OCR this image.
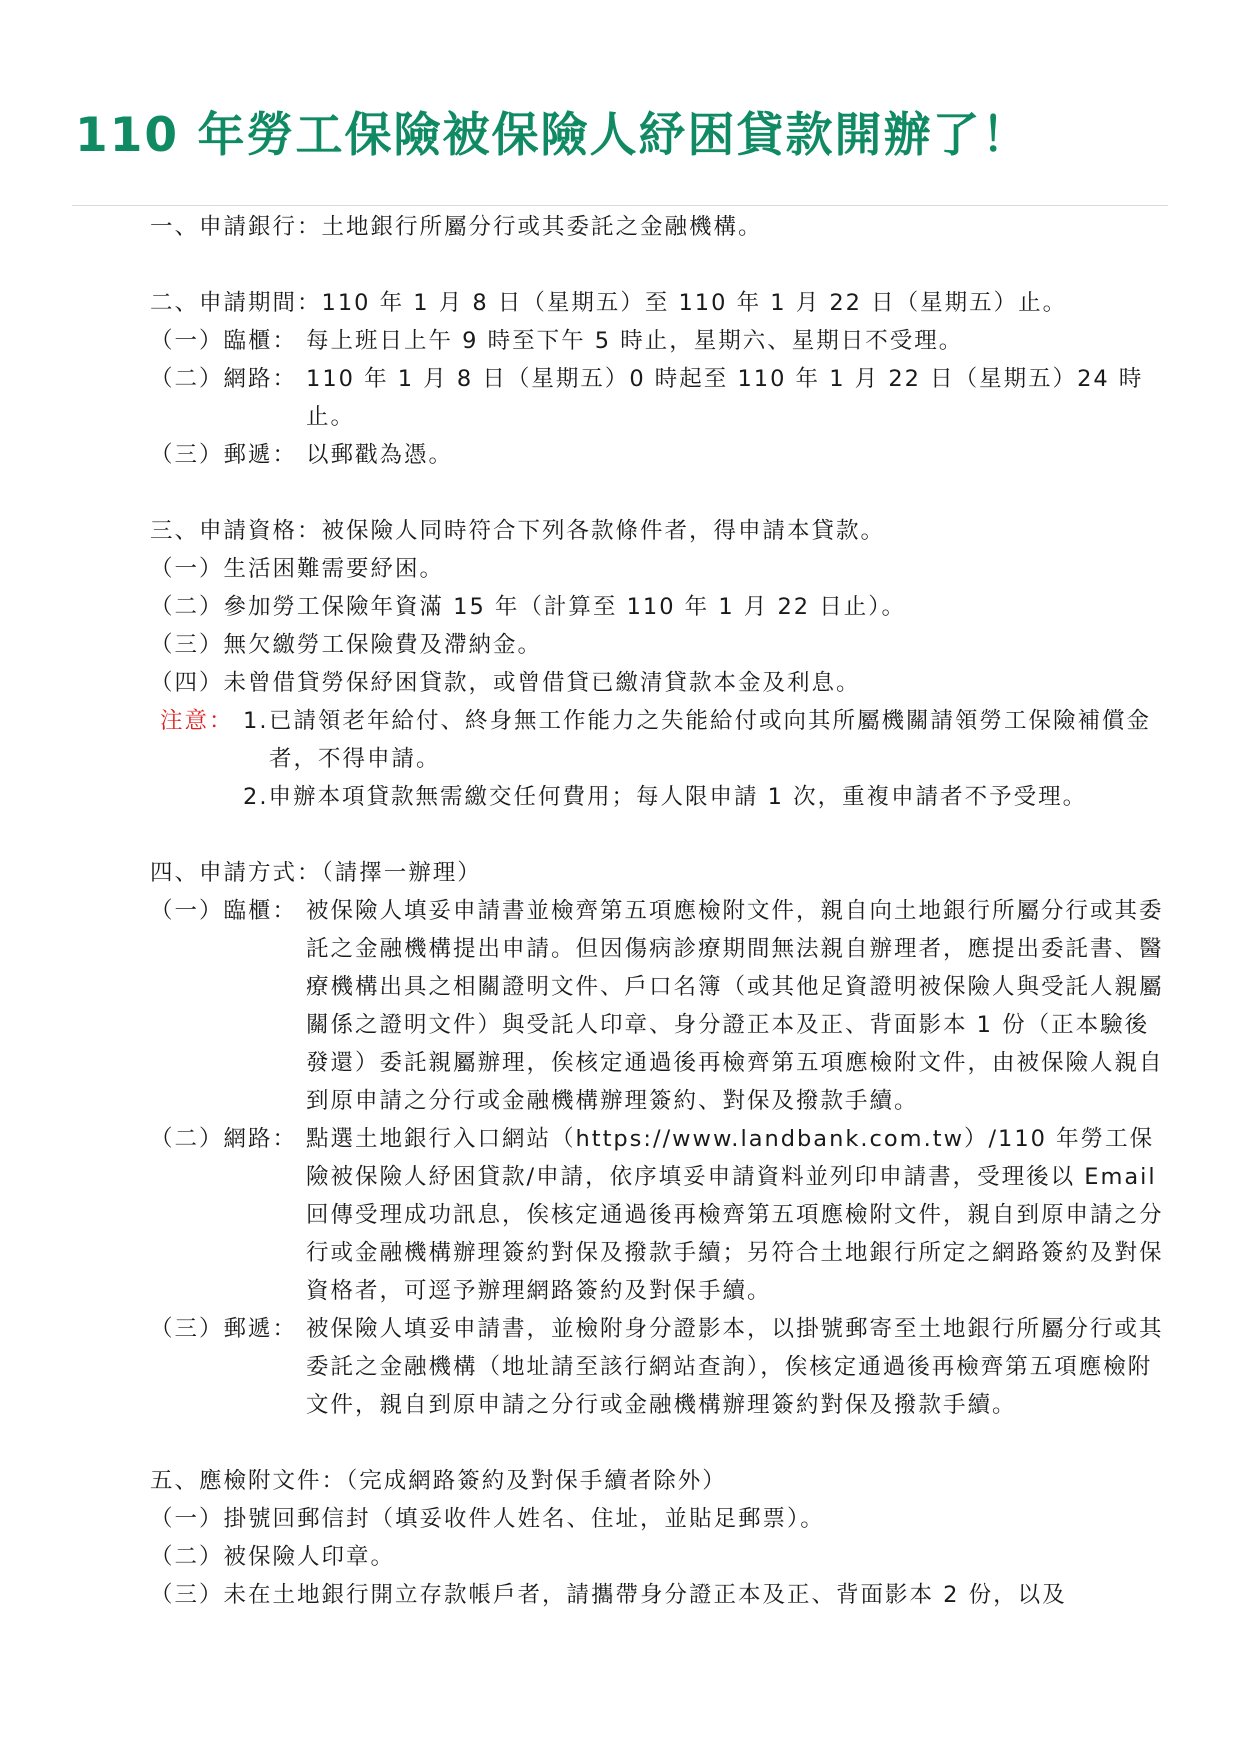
110 年勞工保險被保險人紓困貸款開辦了！
一、申請銀行：土地銀行所屬分行或其委託之金融機構。
二、申請期間：110 年 1 月 8 日（星期五）至 110 年 1 月 22 日（星期五）止。
（一）臨櫃： 每上班日上午 9 時至下午 5 時止，星期六、星期日不受理。
（二）網路： 110 年 1 月 8 日（星期五）0 時起至 110 年 1 月 22 日（星期五）24 時止。
（三）郵遞： 以郵戳為憑。
三、申請資格：被保險人同時符合下列各款條件者，得申請本貸款。
（一）生活困難需要紓困。
（二）參加勞工保險年資滿 15 年（計算至 110 年 1 月 22 日止）。
（三）無欠繳勞工保險費及滯納金。
（四）未曾借貸勞保紓困貸款，或曾借貸已繳清貸款本金及利息。
注意： 1. 已請領老年給付、終身無工作能力之失能給付或向其所屬機關請領勞工保險補償金者，不得申請。
2.申辦本項貸款無需繳交任何費用；每人限申請 1 次，重複申請者不予受理。
四、申請方式：（請擇一辦理）
（一）臨櫃： 被保險人填妥申請書並檢齊第五項應檢附文件，親自向土地銀行所屬分行或其委託之金融機構提出申請。但因傷病診療期間無法親自辦理者，應提出委託書、醫療機構出具之相關證明文件、戶口名簿（或其他足資證明被保險人與受託人親屬關係之證明文件）與受託人印章、身分證正本及正、背面影本 1 份（正本驗後發還）委託親屬辦理，俟核定通過後再檢齊第五項應檢附文件，由被保險人親自到原申請之分行或金融機構辦理簽約、對保及撥款手續。
（二）網路： 點選土地銀行入口網站（https://www.landbank.com.tw）/110 年勞工保險被保險人紓困貸款/申請，依序填妥申請資料並列印申請書，受理後以 Email 回傳受理成功訊息，俟核定通過後再檢齊第五項應檢附文件，親自到原申請之分行或金融機構辦理簽約對保及撥款手續；另符合土地銀行所定之網路簽約及對保資格者，可逕予辦理網路簽約及對保手續。
（三）郵遞： 被保險人填妥申請書，並檢附身分證影本，以掛號郵寄至土地銀行所屬分行或其委託之金融機構（地址請至該行網站查詢），俟核定通過後再檢齊第五項應檢附文件，親自到原申請之分行或金融機構辦理簽約對保及撥款手續。
五、應檢附文件：（完成網路簽約及對保手續者除外）
（一）掛號回郵信封（填妥收件人姓名、住址，並貼足郵票）。
（二）被保險人印章。
（三）未在土地銀行開立存款帳戶者，請攜帶身分證正本及正、背面影本 2 份，以及
